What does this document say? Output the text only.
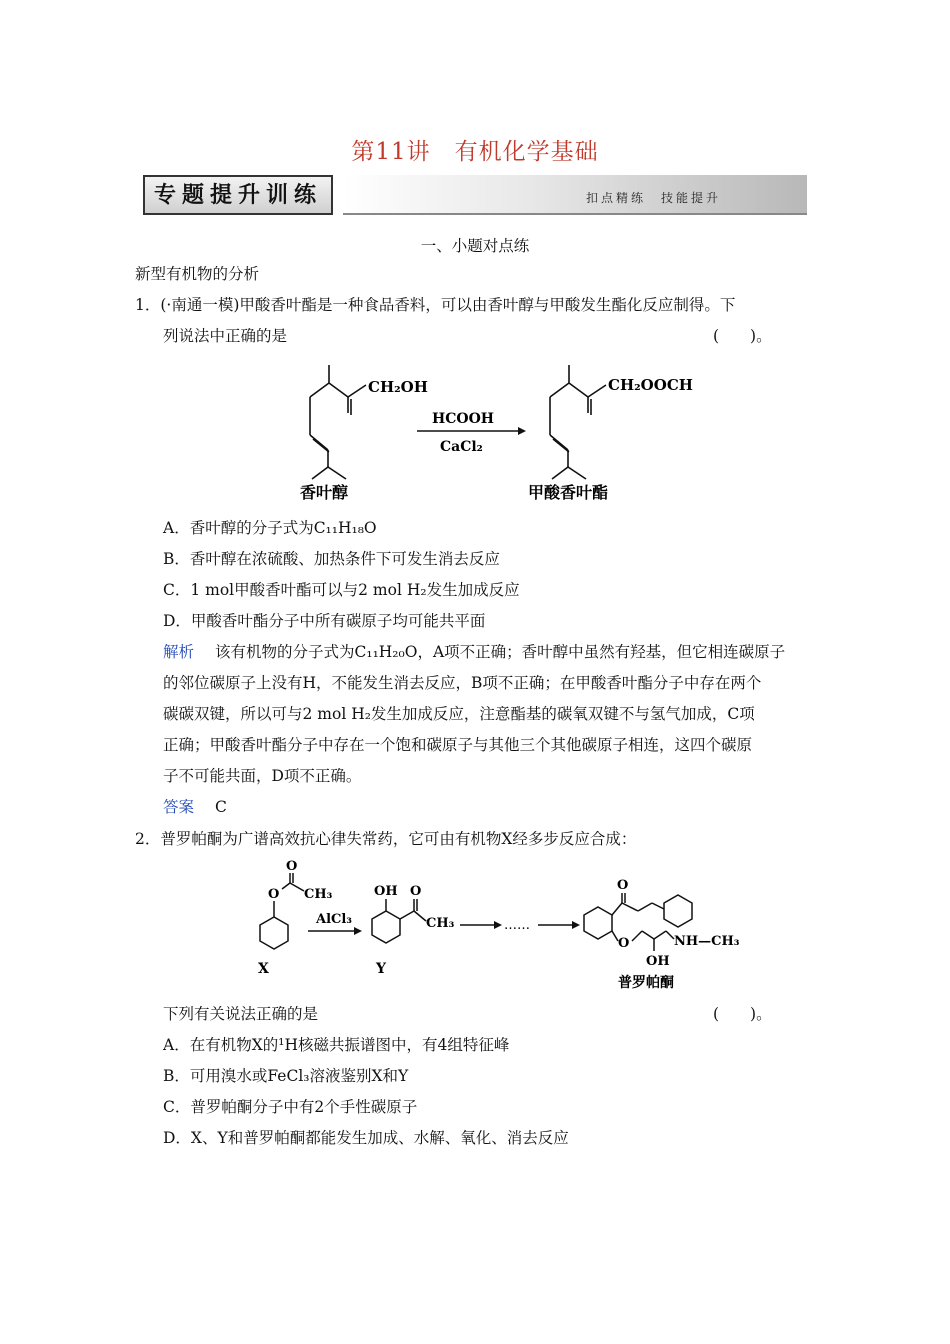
第11讲　有机化学基础
专题提升训练	扣点精练　技能提升
一、小题对点练
新型有机物的分析
1．(·南通一模)甲酸香叶酯是一种食品香料，可以由香叶醇与甲酸发生酯化反应制得。下
列说法中正确的是	(　　)。
CH₂OH
香叶醇
HCOOH
CaCl₂
CH₂OOCH
甲酸香叶酯
A．香叶醇的分子式为C₁₁H₁₈O
B．香叶醇在浓硫酸、加热条件下可发生消去反应
C．1 mol甲酸香叶酯可以与2 mol H₂发生加成反应
D．甲酸香叶酯分子中所有碳原子均可能共平面
解析 该有机物的分子式为C₁₁H₂₀O，A项不正确；香叶醇中虽然有羟基，但它相连碳原子
的邻位碳原子上没有H，不能发生消去反应，B项不正确；在甲酸香叶酯分子中存在两个
碳碳双键，所以可与2 mol H₂发生加成反应，注意酯基的碳氧双键不与氢气加成，C项
正确；甲酸香叶酯分子中存在一个饱和碳原子与其他三个其他碳原子相连，这四个碳原
子不可能共面，D项不正确。
答案 C
2．普罗帕酮为广谱高效抗心律失常药，它可由有机物X经多步反应合成：
O
O
CH₃
X
AlCl₃
OH O
CH₃
Y
……
O
O
OH
NH—CH₃
普罗帕酮
下列有关说法正确的是	(　　)。
A．在有机物X的¹H核磁共振谱图中，有4组特征峰
B．可用溴水或FeCl₃溶液鉴别X和Y
C．普罗帕酮分子中有2个手性碳原子
D．X、Y和普罗帕酮都能发生加成、水解、氧化、消去反应
